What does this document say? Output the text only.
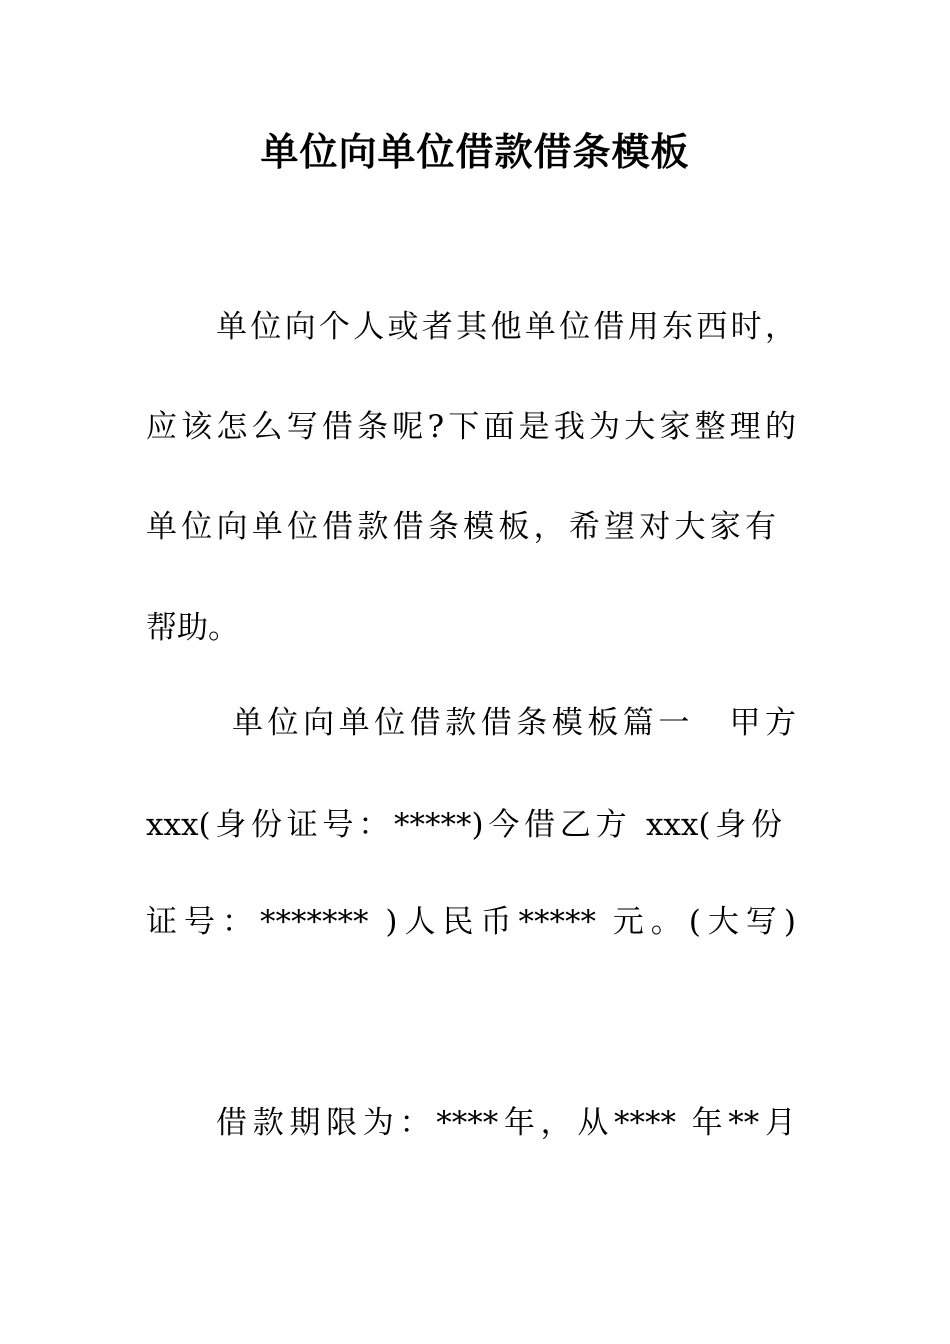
单位向单位借款借条模板
单位向个人或者其他单位借用东西时，
应该怎么写借条呢?下面是我为大家整理的
单位向单位借款借条模板，希望对大家有
帮助。
单位向单位借款借条模板篇一　甲方
xxx(身份证号：*****)今借乙方 xxx(身份
证号：******* )人民币***** 元。(大写)
借款期限为：****年，从**** 年**月
